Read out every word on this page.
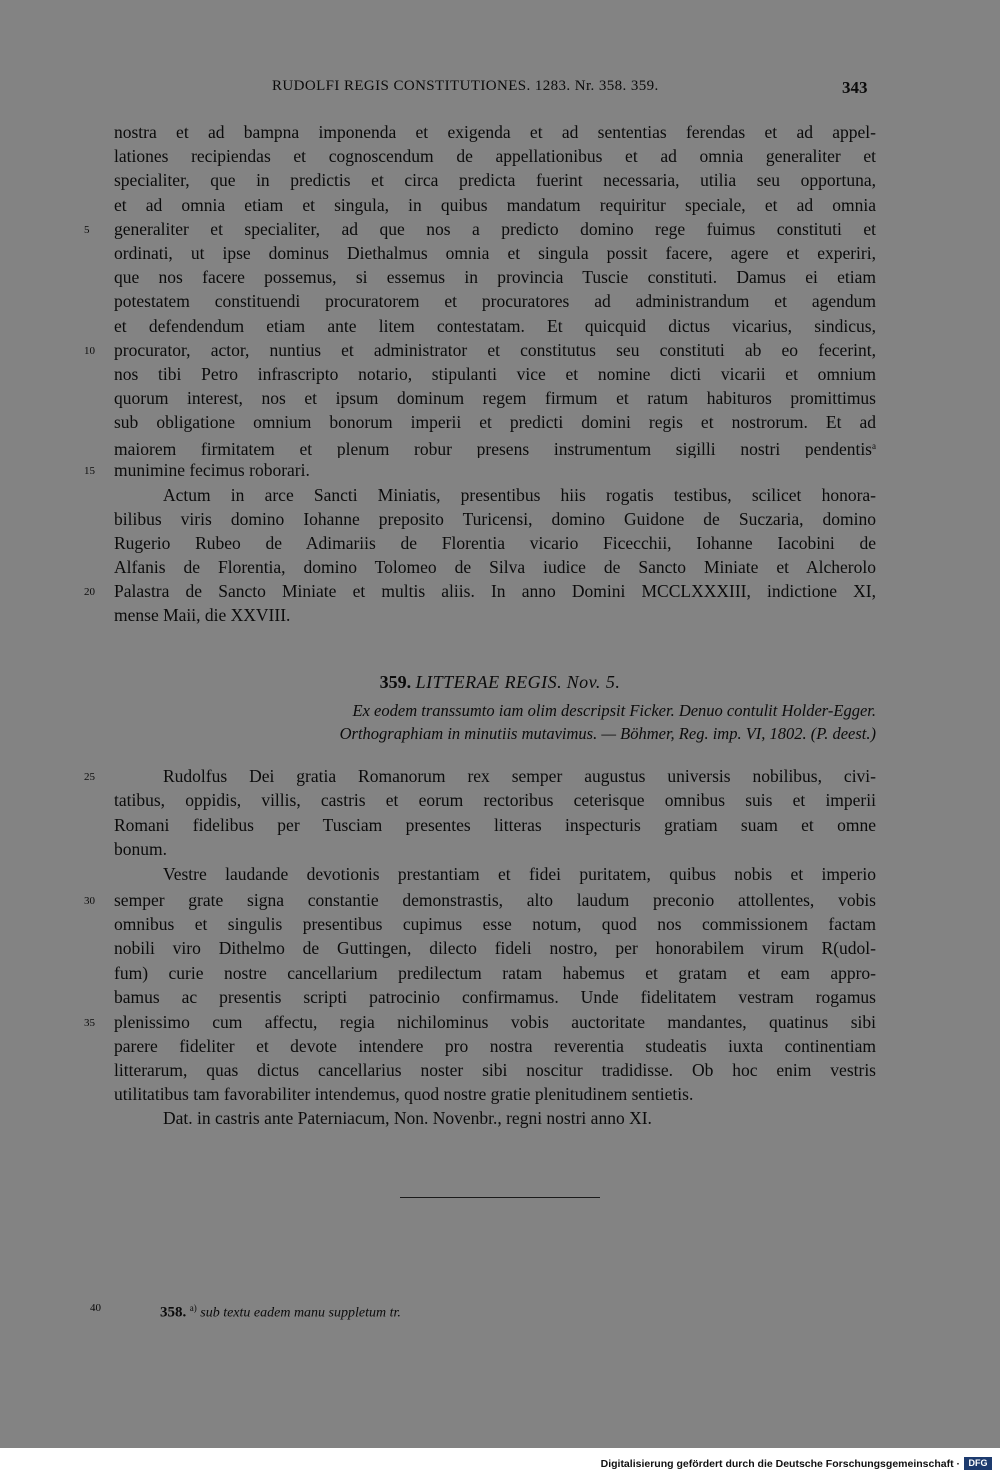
RUDOLFI REGIS CONSTITUTIONES. 1283. Nr. 358. 359.	343
nostra et ad bampna imponenda et exigenda et ad sententias ferendas et ad appel-
lationes recipiendas et cognoscendum de appellationibus et ad omnia generaliter et
specialiter, que in predictis et circa predicta fuerint necessaria, utilia seu opportuna,
et ad omnia etiam et singula, in quibus mandatum requiritur speciale, et ad omnia
generaliter et specialiter, ad que nos a predicto domino rege fuimus constituti et
ordinati, ut ipse dominus Diethalmus omnia et singula possit facere, agere et experiri,
que nos facere possemus, si essemus in provincia Tuscie constituti. Damus ei etiam
potestatem constituendi procuratorem et procuratores ad administrandum et agendum
et defendendum etiam ante litem contestatam. Et quicquid dictus vicarius, sindicus,
procurator, actor, nuntius et administrator et constitutus seu constituti ab eo fecerint,
nos tibi Petro infrascripto notario, stipulanti vice et nomine dicti vicarii et omnium
quorum interest, nos et ipsum dominum regem firmum et ratum habituros promittimus
sub obligatione omnium bonorum imperii et predicti domini regis et nostrorum. Et ad
maiorem firmitatem et plenum robur presens instrumentum sigilli nostri pendentis$^a$
munimine fecimus roborari.
Actum in arce Sancti Miniatis, presentibus hiis rogatis testibus, scilicet honora-
bilibus viris domino Iohanne preposito Turicensi, domino Guidone de Suczaria, domino
Rugerio Rubeo de Adimariis de Florentia vicario Ficecchii, Iohanne Iacobini de
Alfanis de Florentia, domino Tolomeo de Silva iudice de Sancto Miniate et Alcherolo
Palastra de Sancto Miniate et multis aliis. In anno Domini MCCLXXXIII, indictione XI,
mense Maii, die XXVIII.
5
10
15
20
25
30
35
359. LITTERAE REGIS. Nov. 5.
Ex eodem transsumto iam olim descripsit Ficker. Denuo contulit Holder-Egger.
Orthographiam in minutiis mutavimus. — Böhmer, Reg. imp. VI, 1802. (P. deest.)
Rudolfus Dei gratia Romanorum rex semper augustus universis nobilibus, civi-
tatibus, oppidis, villis, castris et eorum rectoribus ceterisque omnibus suis et imperii
Romani fidelibus per Tusciam presentes litteras inspecturis gratiam suam et omne
bonum.
Vestre laudande devotionis prestantiam et fidei puritatem, quibus nobis et imperio
semper grate signa constantie demonstrastis, alto laudum preconio attollentes, vobis
omnibus et singulis presentibus cupimus esse notum, quod nos commissionem factam
nobili viro Dithelmo de Guttingen, dilecto fideli nostro, per honorabilem virum R(udol-
fum) curie nostre cancellarium predilectum ratam habemus et gratam et eam appro-
bamus ac presentis scripti patrocinio confirmamus. Unde fidelitatem vestram rogamus
plenissimo cum affectu, regia nichilominus vobis auctoritate mandantes, quatinus sibi
parere fideliter et devote intendere pro nostra reverentia studeatis iuxta continentiam
litterarum, quas dictus cancellarius noster sibi noscitur tradidisse. Ob hoc enim vestris
utilitatibus tam favorabiliter intendemus, quod nostre gratie plenitudinem sentietis.
Dat. in castris ante Paterniacum, Non. Novenbr., regni nostri anno XI.
40	358. $^{a)}$ sub textu eadem manu suppletum tr.
Digitalisierung gefördert durch die Deutsche Forschungsgemeinschaft · DFG
